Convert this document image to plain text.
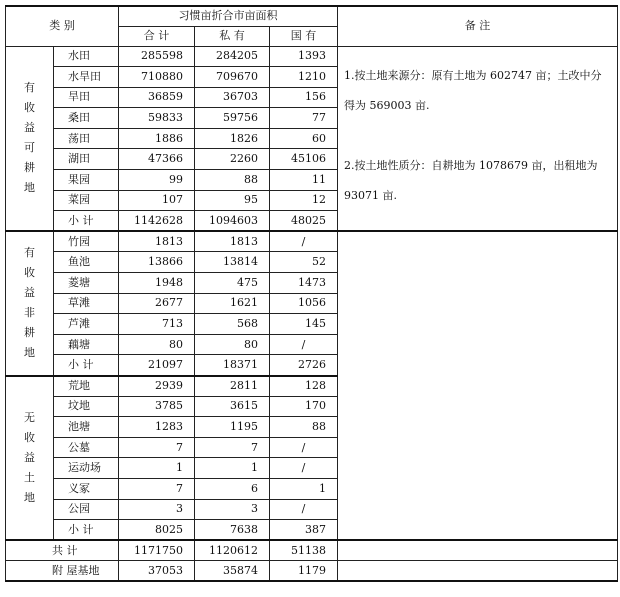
类 别		习惯亩折合市亩面积			备 注
		合 计	私 有	国 有	

有收益可耕地	水田	285598	284205	1393	1.按土地来源分：原有土地为 602747 亩；土改中分得为 569003 亩.
2.按土地性质分：自耕地为 1078679 亩，出租地为 93071 亩.

	水旱田	710880	709670	1210	
	旱田	36859	36703	156	
	桑田	59833	59756	77	
	荡田	1886	1826	60	
	湖田	47366	2260	45106	
	果园	99	88	11	
	菜园	107	95	12	
	小 计	1142628	1094603	48025	

有收益非耕地	竹园	1813	1813	/	
	鱼池	13866	13814	52	
	菱塘	1948	475	1473	
	草滩	2677	1621	1056	
	芦滩	713	568	145	
	藕塘	80	80	/	
	小 计	21097	18371	2726	

无收益土地	荒地	2939	2811	128	
	坟地	3785	3615	170	
	池塘	1283	1195	88	
	公墓	7	7	/	
	运动场	1	1	/	
	义冢	7	6	1	
	公园	3	3	/	
	小 计	8025	7638	387	
共 计		1171750	1120612	51138	
附 屋基地		37053	35874	1179	
